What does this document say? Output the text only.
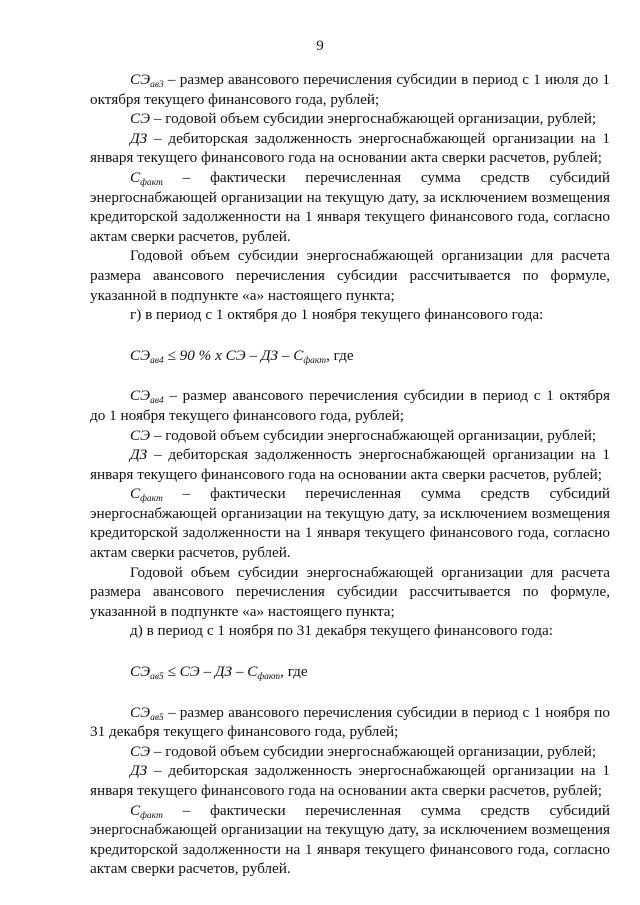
9

$СЭ_{ав3}$ – размер авансового перечисления субсидии в период с 1 июля до 1 октября текущего финансового года, рублей;

СЭ – годовой объем субсидии энергоснабжающей организации, рублей;

ДЗ – дебиторская задолженность энергоснабжающей организации на 1 января текущего финансового года на основании акта сверки расчетов, рублей;

$С_{факт}$ – фактически перечисленная сумма средств субсидий энергоснабжающей организации на текущую дату, за исключением возмещения кредиторской задолженности на 1 января текущего финансового года, согласно актам сверки расчетов, рублей.

Годовой объем субсидии энергоснабжающей организации для расчета размера авансового перечисления субсидии рассчитывается по формуле, указанной в подпункте «а» настоящего пункта;

г) в период с 1 октября до 1 ноября текущего финансового года:

$СЭ_{ав4} \le 90$ % х СЭ – ДЗ – $С_{факт}$, где

$СЭ_{ав4}$ – размер авансового перечисления субсидии в период с 1 октября до 1 ноября текущего финансового года, рублей;

СЭ – годовой объем субсидии энергоснабжающей организации, рублей;

ДЗ – дебиторская задолженность энергоснабжающей организации на 1 января текущего финансового года на основании акта сверки расчетов, рублей;

$С_{факт}$ – фактически перечисленная сумма средств субсидий энергоснабжающей организации на текущую дату, за исключением возмещения кредиторской задолженности на 1 января текущего финансового года, согласно актам сверки расчетов, рублей.

Годовой объем субсидии энергоснабжающей организации для расчета размера авансового перечисления субсидии рассчитывается по формуле, указанной в подпункте «а» настоящего пункта;

д) в период с 1 ноября по 31 декабря текущего финансового года:

$СЭ_{ав5}$ ≤ СЭ – ДЗ – $С_{факт}$, где

$СЭ_{ав5}$ – размер авансового перечисления субсидии в период с 1 ноября по 31 декабря текущего финансового года, рублей;

СЭ – годовой объем субсидии энергоснабжающей организации, рублей;

ДЗ – дебиторская задолженность энергоснабжающей организации на 1 января текущего финансового года на основании акта сверки расчетов, рублей;

$С_{факт}$ – фактически перечисленная сумма средств субсидий энергоснабжающей организации на текущую дату, за исключением возмещения кредиторской задолженности на 1 января текущего финансового года, согласно актам сверки расчетов, рублей.
